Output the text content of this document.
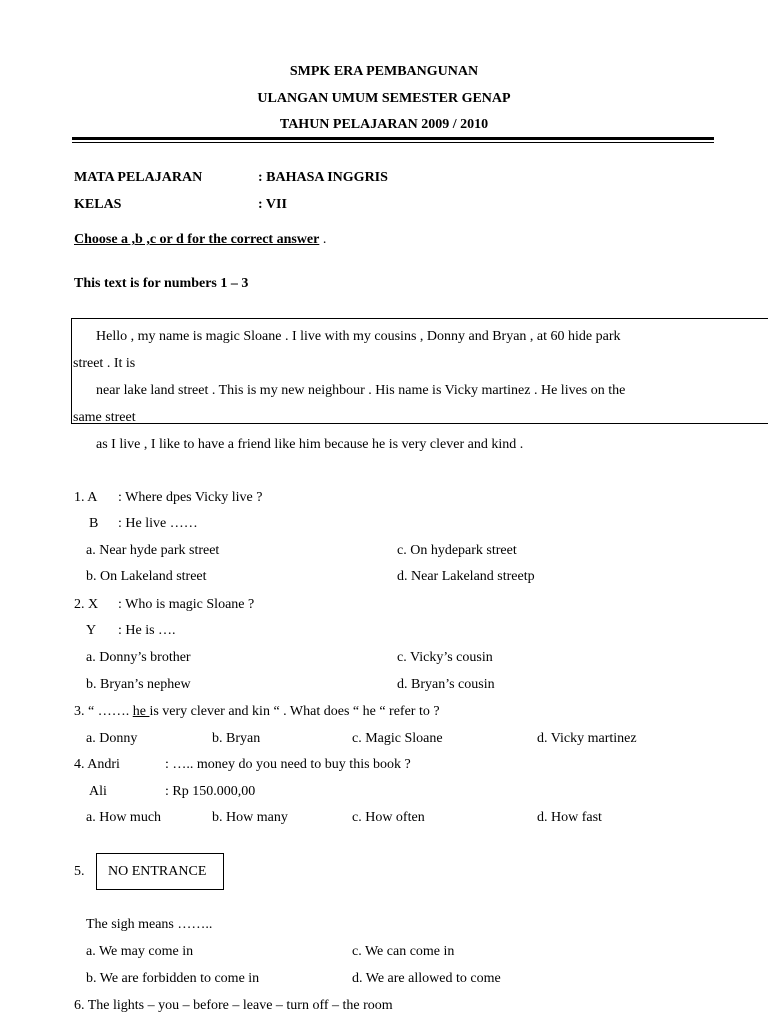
SMPK ERA PEMBANGUNAN
ULANGAN UMUM SEMESTER GENAP
TAHUN PELAJARAN 2009 / 2010
MATA PELAJARAN	: BAHASA INGGRIS
KELAS	: VII
Choose a ,b ,c or d for the correct answer .
This text is for numbers 1 – 3
Hello , my name is magic Sloane . I live with my cousins , Donny and Bryan , at 60 hide park
street . It is
near lake land street . This is my new neighbour . His name is Vicky martinez . He lives on the
same street
as I live , I like to have a friend like him because he is very clever and kind .
1. A : Where dpes Vicky live ?
B : He live ……
a. Near hyde park street	c. On hydepark street
b. On Lakeland street	d. Near Lakeland streetp
2. X : Who is magic Sloane ?
Y : He is ….
a. Donny’s brother	c. Vicky’s cousin
b. Bryan’s nephew	d. Bryan’s cousin
3. “ ……. he is very clever and kin “ . What does “ he “ refer to ?
a. Donny	b. Bryan	c. Magic Sloane	d. Vicky martinez
4. Andri	: ….. money do you need to buy this book ?
Ali	: Rp 150.000,00
a. How much	b. How many	c. How often	d. How fast
5. NO ENTRANCE
The sigh means ……..
a. We may come in	c. We can come in
b. We are forbidden to come in	d. We are allowed to come
6. The lights – you – before – leave – turn off – the room
